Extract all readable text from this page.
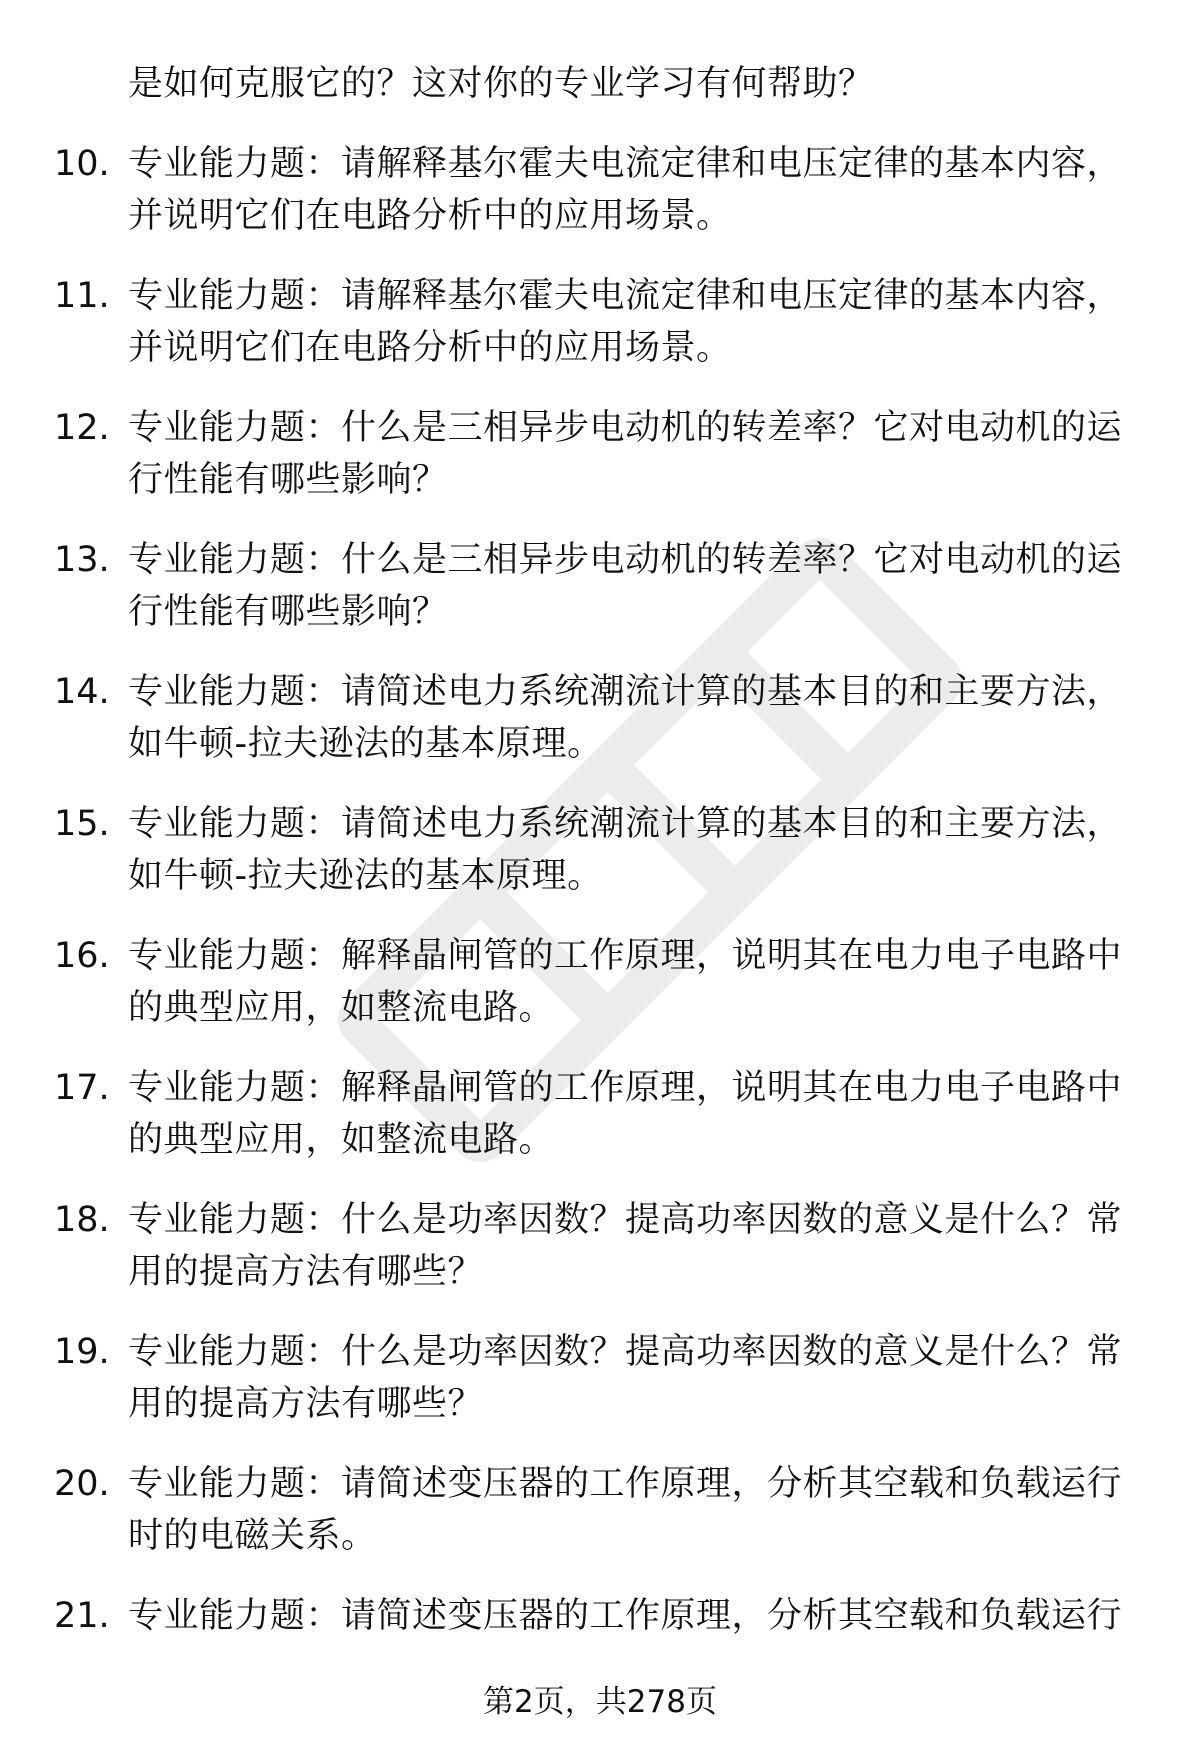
是如何克服它的？这对你的专业学习有何帮助？
10. 专业能力题：请解释基尔霍夫电流定律和电压定律的基本内容，
并说明它们在电路分析中的应用场景。
11. 专业能力题：请解释基尔霍夫电流定律和电压定律的基本内容，
并说明它们在电路分析中的应用场景。
12. 专业能力题：什么是三相异步电动机的转差率？它对电动机的运
行性能有哪些影响？
13. 专业能力题：什么是三相异步电动机的转差率？它对电动机的运
行性能有哪些影响？
14. 专业能力题：请简述电力系统潮流计算的基本目的和主要方法，
如牛顿-拉夫逊法的基本原理。
15. 专业能力题：请简述电力系统潮流计算的基本目的和主要方法，
如牛顿-拉夫逊法的基本原理。
16. 专业能力题：解释晶闸管的工作原理，说明其在电力电子电路中
的典型应用，如整流电路。
17. 专业能力题：解释晶闸管的工作原理，说明其在电力电子电路中
的典型应用，如整流电路。
18. 专业能力题：什么是功率因数？提高功率因数的意义是什么？常
用的提高方法有哪些？
19. 专业能力题：什么是功率因数？提高功率因数的意义是什么？常
用的提高方法有哪些？
20. 专业能力题：请简述变压器的工作原理，分析其空载和负载运行
时的电磁关系。
21. 专业能力题：请简述变压器的工作原理，分析其空载和负载运行
第2页，共278页
